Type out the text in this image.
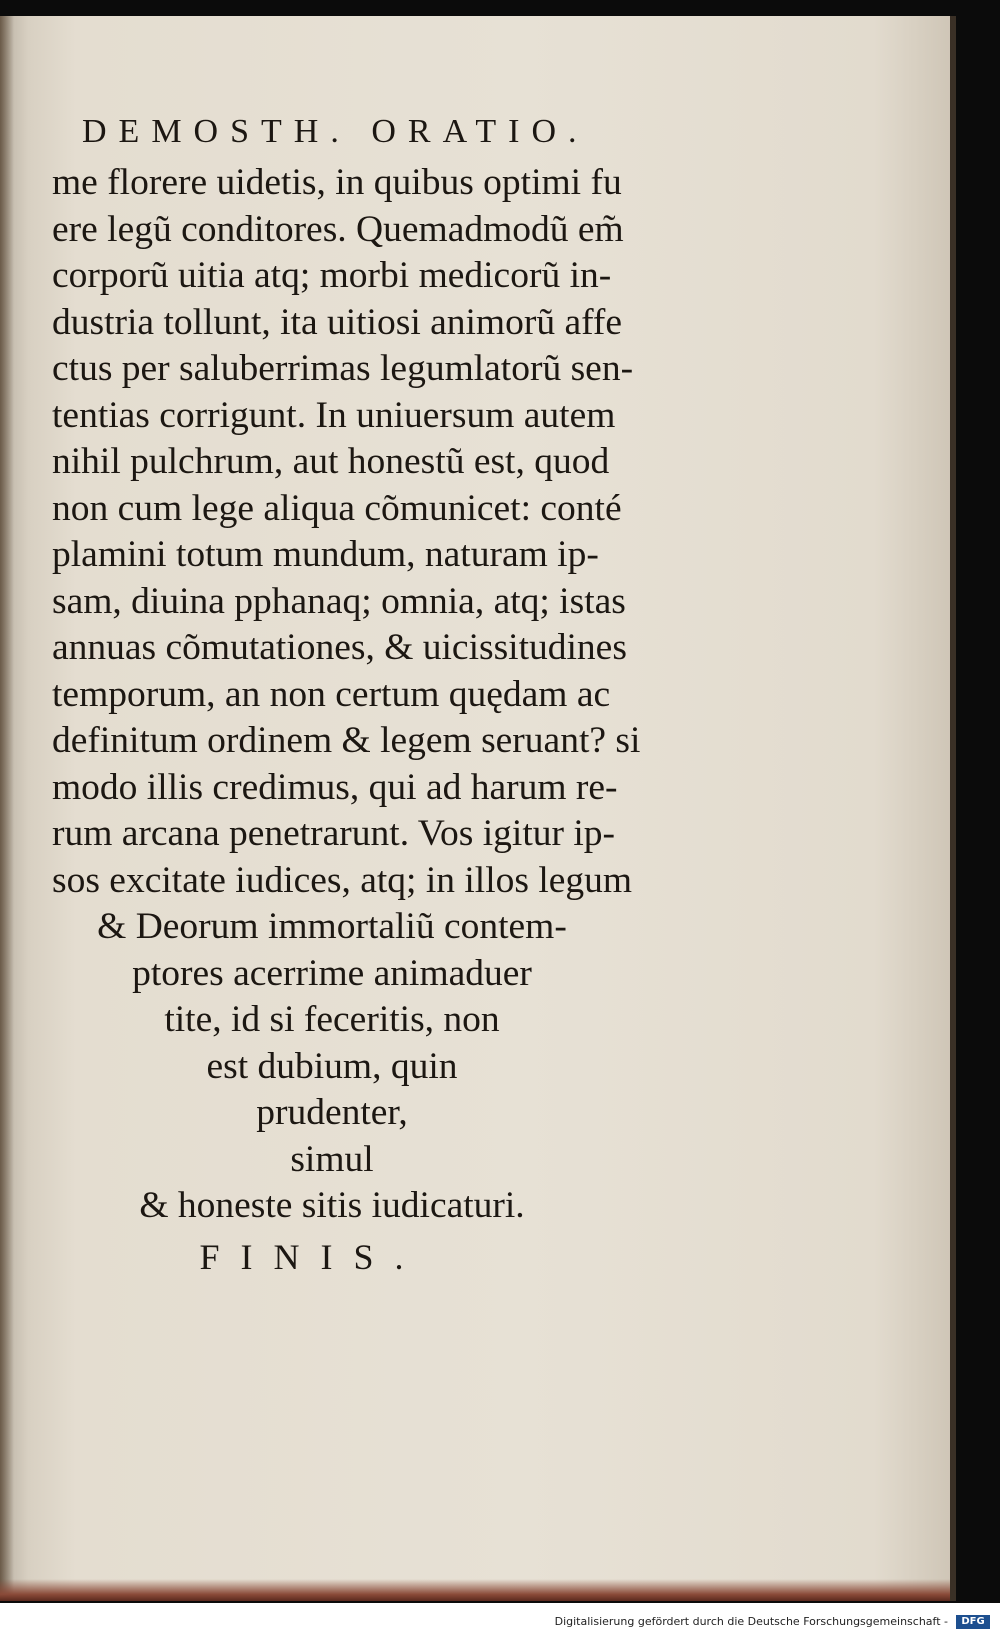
DEMOSTH. ORATIO.
me florere uidetis, in quibus optimi fu
ere legũ conditores. Quemadmodũ em̃
corporũ uitia atq; morbi medicorũ in-
dustria tollunt, ita uitiosi animorũ affe
ctus per saluberrimas legumlatorũ sen-
tentias corrigunt. In uniuersum autem
nihil pulchrum, aut honestũ est, quod
non cum lege aliqua cõmunicet: conté
plamini totum mundum, naturam ip-
sam, diuina pphanaq; omnia, atq; istas
annuas cõmutationes, & uicissitudines
temporum, an non certum quędam ac
definitum ordinem & legem seruant? si
modo illis credimus, qui ad harum re-
rum arcana penetrarunt. Vos igitur ip-
sos excitate iudices, atq; in illos legum
& Deorum immortaliũ contem-
ptores acerrime animaduer
tite, id si feceritis, non
est dubium, quin
prudenter,
simul
& honeste sitis iudicaturi.
FINIS.
Digitalisierung gefördert durch die Deutsche Forschungsgemeinschaft -	DFG
